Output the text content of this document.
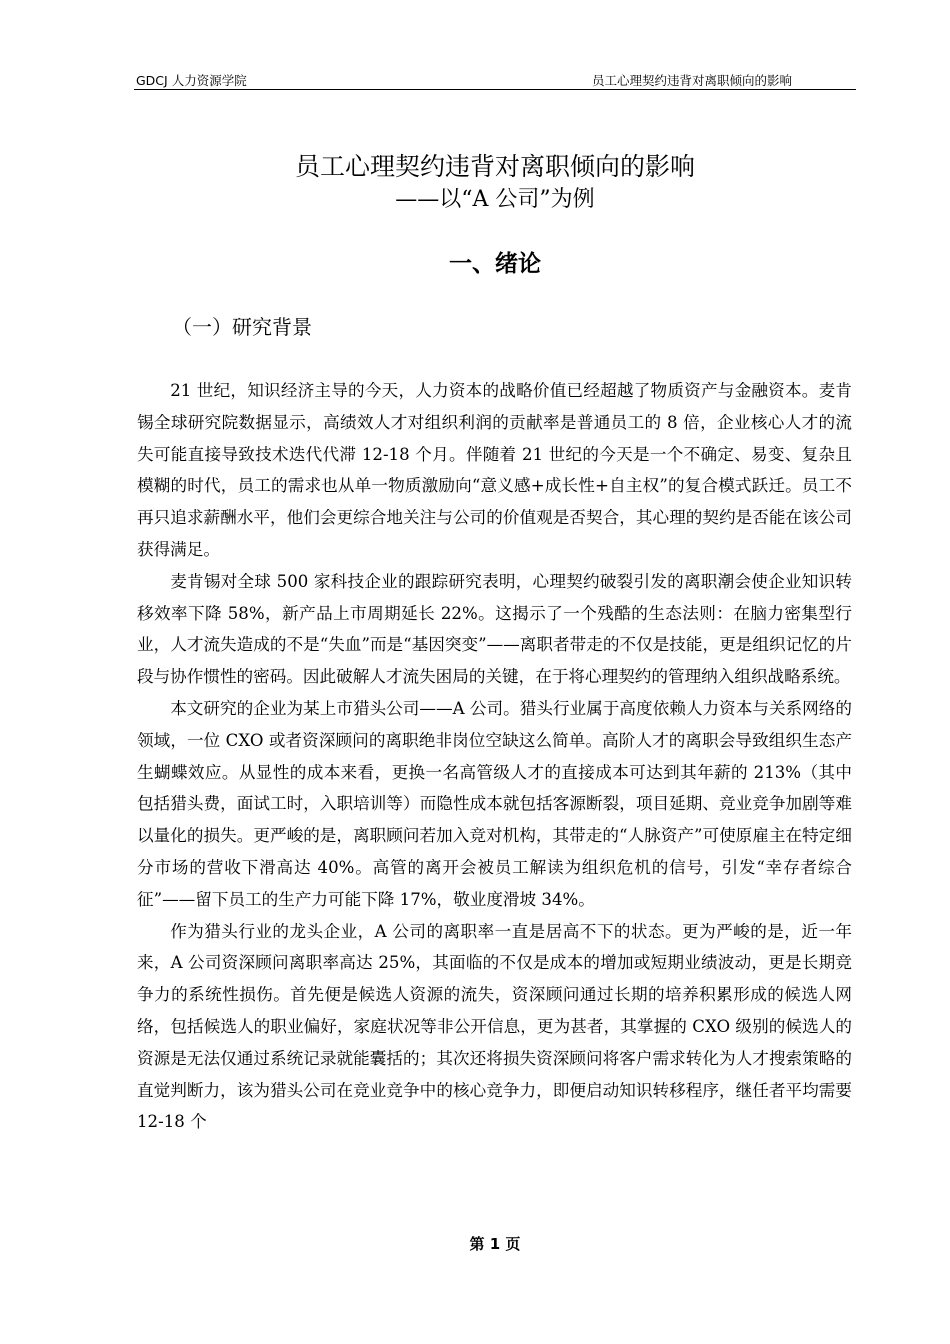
GDCJ 人力资源学院	员工心理契约违背对离职倾向的影响
员工心理契约违背对离职倾向的影响
——以“A 公司”为例
一、绪论
（一）研究背景

21 世纪，知识经济主导的今天，人力资本的战略价值已经超越了物质资产与金融资本。麦肯锡全球研究院数据显示，高绩效人才对组织利润的贡献率是普通员工的 8 倍，企业核心人才的流失可能直接导致技术迭代代滞 12-18 个月。伴随着 21 世纪的今天是一个不确定、易变、复杂且模糊的时代，员工的需求也从单一物质激励向“意义感+成长性+自主权”的复合模式跃迁。员工不再只追求薪酬水平，他们会更综合地关注与公司的价值观是否契合，其心理的契约是否能在该公司获得满足。

麦肯锡对全球 500 家科技企业的跟踪研究表明，心理契约破裂引发的离职潮会使企业知识转移效率下降 58%，新产品上市周期延长 22%。这揭示了一个残酷的生态法则：在脑力密集型行业，人才流失造成的不是“失血”而是“基因突变”——离职者带走的不仅是技能，更是组织记忆的片段与协作惯性的密码。因此破解人才流失困局的关键，在于将心理契约的管理纳入组织战略系统。

本文研究的企业为某上市猎头公司——A 公司。猎头行业属于高度依赖人力资本与关系网络的领域，一位 CXO 或者资深顾问的离职绝非岗位空缺这么简单。高阶人才的离职会导致组织生态产生蝴蝶效应。从显性的成本来看，更换一名高管级人才的直接成本可达到其年薪的 213%（其中包括猎头费，面试工时，入职培训等）而隐性成本就包括客源断裂，项目延期、竞业竞争加剧等难以量化的损失。更严峻的是，离职顾问若加入竞对机构，其带走的“人脉资产”可使原雇主在特定细分市场的营收下滑高达 40%。高管的离开会被员工解读为组织危机的信号，引发“幸存者综合征”——留下员工的生产力可能下降 17%，敬业度滑坡 34%。

作为猎头行业的龙头企业，A 公司的离职率一直是居高不下的状态。更为严峻的是，近一年来，A 公司资深顾问离职率高达 25%，其面临的不仅是成本的增加或短期业绩波动，更是长期竞争力的系统性损伤。首先便是候选人资源的流失，资深顾问通过长期的培养积累形成的候选人网络，包括候选人的职业偏好，家庭状况等非公开信息，更为甚者，其掌握的 CXO 级别的候选人的资源是无法仅通过系统记录就能囊括的；其次还将损失资深顾问将客户需求转化为人才搜索策略的直觉判断力，该为猎头公司在竞业竞争中的核心竞争力，即便启动知识转移程序，继任者平均需要 12-18 个

第 1 页
